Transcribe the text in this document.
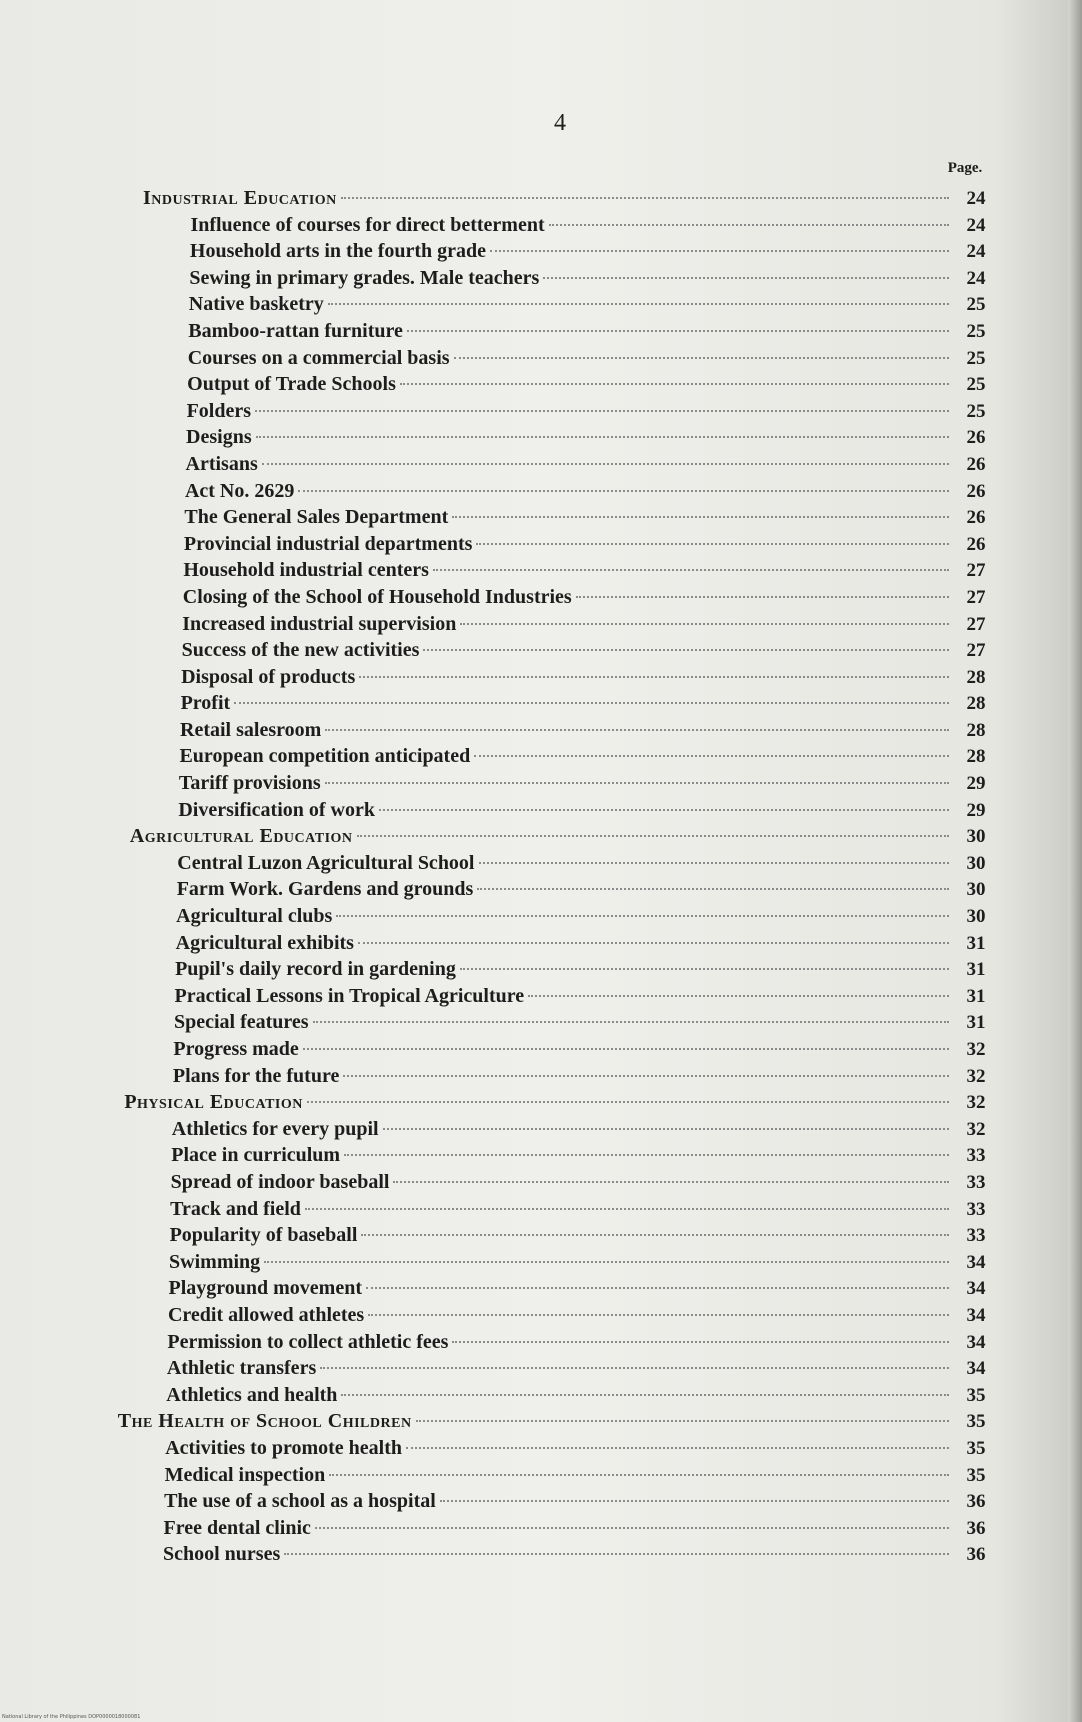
4
Page.
Industrial Education	24
Influence of courses for direct betterment	24
Household arts in the fourth grade	24
Sewing in primary grades. Male teachers	24
Native basketry	25
Bamboo-rattan furniture	25
Courses on a commercial basis	25
Output of Trade Schools	25
Folders	25
Designs	26
Artisans	26
Act No. 2629	26
The General Sales Department	26
Provincial industrial departments	26
Household industrial centers	27
Closing of the School of Household Industries	27
Increased industrial supervision	27
Success of the new activities	27
Disposal of products	28
Profit	28
Retail salesroom	28
European competition anticipated	28
Tariff provisions	29
Diversification of work	29
Agricultural Education	30
Central Luzon Agricultural School	30
Farm Work. Gardens and grounds	30
Agricultural clubs	30
Agricultural exhibits	31
Pupil's daily record in gardening	31
Practical Lessons in Tropical Agriculture	31
Special features	31
Progress made	32
Plans for the future	32
Physical Education	32
Athletics for every pupil	32
Place in curriculum	33
Spread of indoor baseball	33
Track and field	33
Popularity of baseball	33
Swimming	34
Playground movement	34
Credit allowed athletes	34
Permission to collect athletic fees	34
Athletic transfers	34
Athletics and health	35
The Health of School Children	35
Activities to promote health	35
Medical inspection	35
The use of a school as a hospital	36
Free dental clinic	36
School nurses	36
National Library of the Philippines DOP0000018000081
